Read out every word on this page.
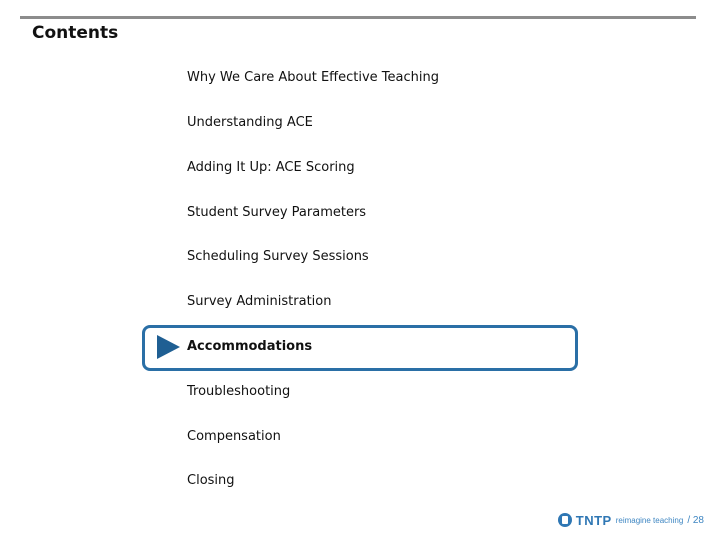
Contents
Why We Care About Effective Teaching
Understanding ACE
Adding It Up: ACE Scoring
Student Survey Parameters
Scheduling Survey Sessions
Survey Administration
Accommodations
Troubleshooting
Compensation
Closing
TNTP reimagine teaching / 28
